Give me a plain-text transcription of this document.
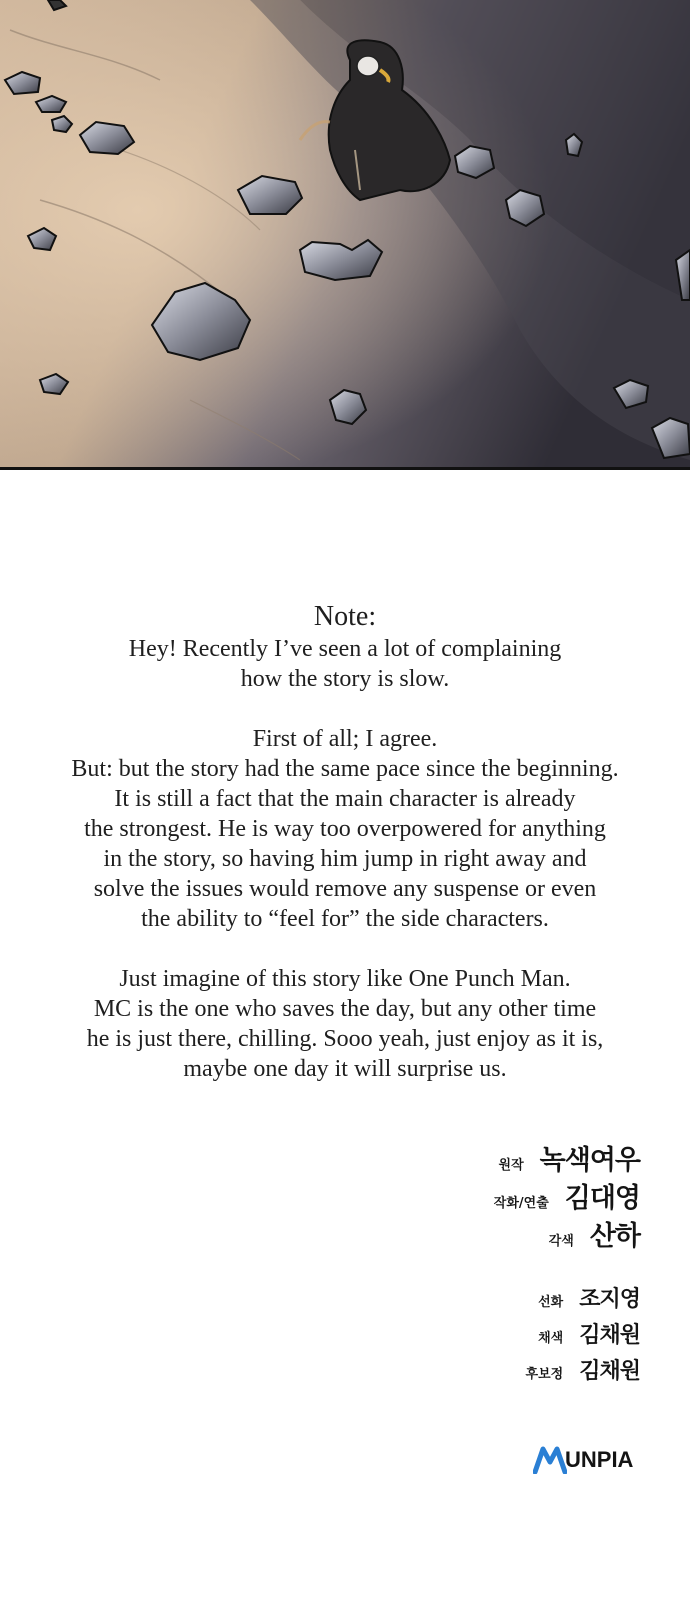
Note:
Hey! Recently I’ve seen a lot of complaining
how the story is slow.
First of all; I agree.
But: but the story had the same pace since the beginning.
It is still a fact that the main character is already
the strongest. He is way too overpowered for anything
in the story, so having him jump in right away and
solve the issues would remove any suspense or even
the ability to “feel for” the side characters.
Just imagine of this story like One Punch Man.
MC is the one who saves the day, but any other time
he is just there, chilling. Sooo yeah, just enjoy as it is,
maybe one day it will surprise us.
원작 녹색여우
작화/연출 김대영
각색 산하
선화 조지영
채색 김채원
후보정 김채원
UNPIA
